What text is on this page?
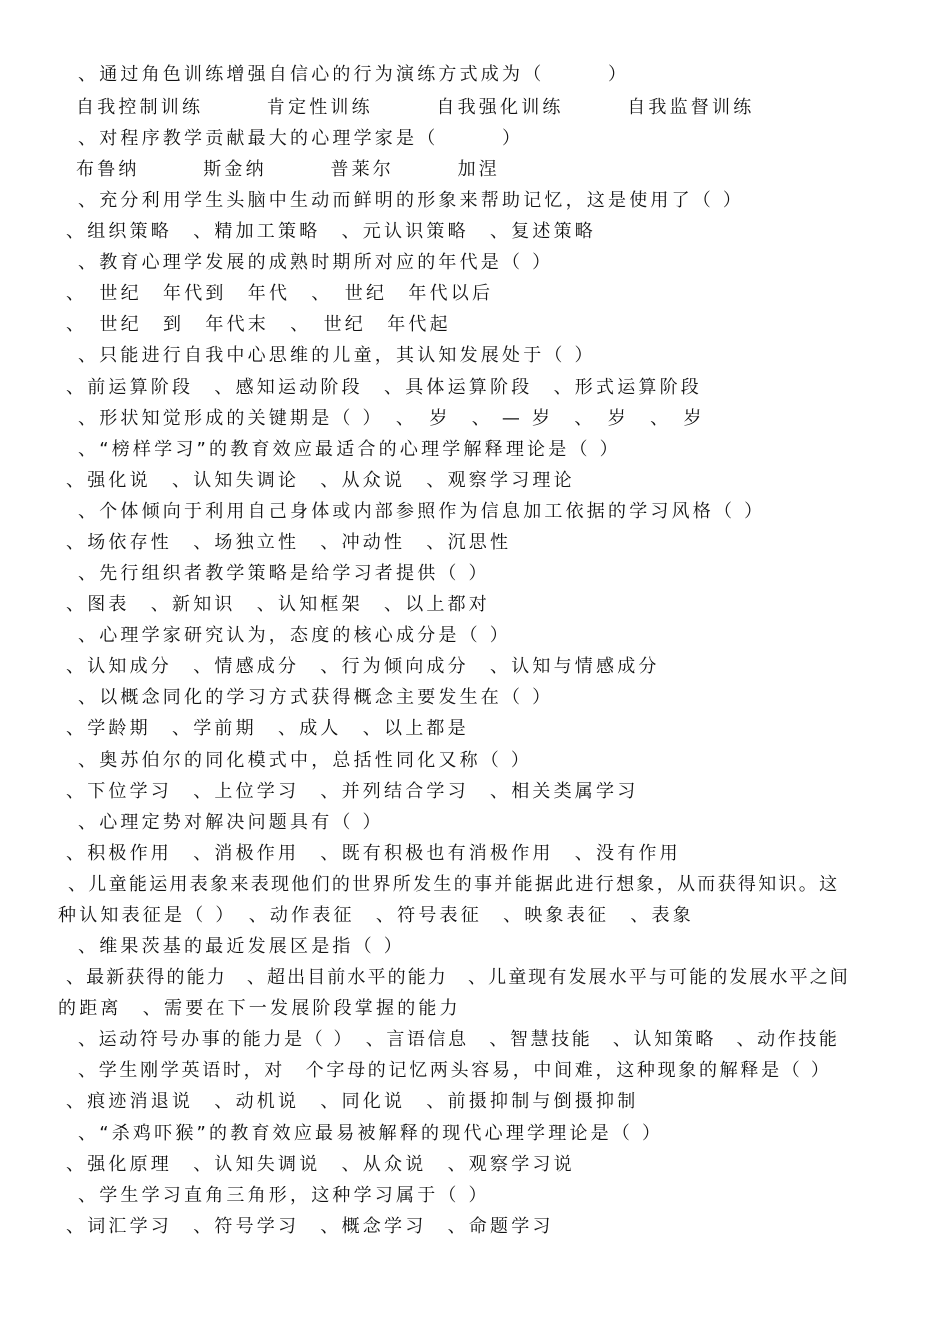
、通过角色训练增强自信心的行为演练方式成为（　　　）
自我控制训练　　　肯定性训练　　　自我强化训练　　　自我监督训练
、对程序教学贡献最大的心理学家是（　　　）
布鲁纳　　　斯金纳　　　普莱尔　　　加涅
、充分利用学生头脑中生动而鲜明的形象来帮助记忆，这是使用了（ ）
、组织策略　、精加工策略　、元认识策略　、复述策略
、教育心理学发展的成熟时期所对应的年代是（ ）
、　世纪　年代到　年代　、　世纪　年代以后
、　世纪　到　年代末　、　世纪　年代起
、只能进行自我中心思维的儿童，其认知发展处于（ ）
、前运算阶段　、感知运动阶段　、具体运算阶段　、形式运算阶段
、形状知觉形成的关键期是（ ）　、　岁　、 — 岁　、　岁　、　岁
、“榜样学习”的教育效应最适合的心理学解释理论是（ ）
、强化说　、认知失调论　、从众说　、观察学习理论
、个体倾向于利用自己身体或内部参照作为信息加工依据的学习风格（ ）
、场依存性　、场独立性　、冲动性　、沉思性
、先行组织者教学策略是给学习者提供（ ）
、图表　、新知识　、认知框架　、以上都对
、心理学家研究认为，态度的核心成分是（ ）
、认知成分　、情感成分　、行为倾向成分　、认知与情感成分
、以概念同化的学习方式获得概念主要发生在（ ）
、学龄期　、学前期　、成人　、以上都是
、奥苏伯尔的同化模式中，总括性同化又称（ ）
、下位学习　、上位学习　、并列结合学习　、相关类属学习
、心理定势对解决问题具有（ ）
、积极作用　、消极作用　、既有积极也有消极作用　、没有作用
、儿童能运用表象来表现他们的世界所发生的事并能据此进行想象，从而获得知识。这
种认知表征是（ ）　、动作表征　、符号表征　、映象表征　、表象
、维果茨基的最近发展区是指（ ）
、最新获得的能力　、超出目前水平的能力　、儿童现有发展水平与可能的发展水平之间
的距离　、需要在下一发展阶段掌握的能力
、运动符号办事的能力是（ ）　、言语信息　、智慧技能　、认知策略　、动作技能
、学生刚学英语时，对　个字母的记忆两头容易，中间难，这种现象的解释是（ ）
、痕迹消退说　、动机说　、同化说　、前摄抑制与倒摄抑制
、“杀鸡吓猴”的教育效应最易被解释的现代心理学理论是（ ）
、强化原理　、认知失调说　、从众说　、观察学习说
、学生学习直角三角形，这种学习属于（ ）
、词汇学习　、符号学习　、概念学习　、命题学习
